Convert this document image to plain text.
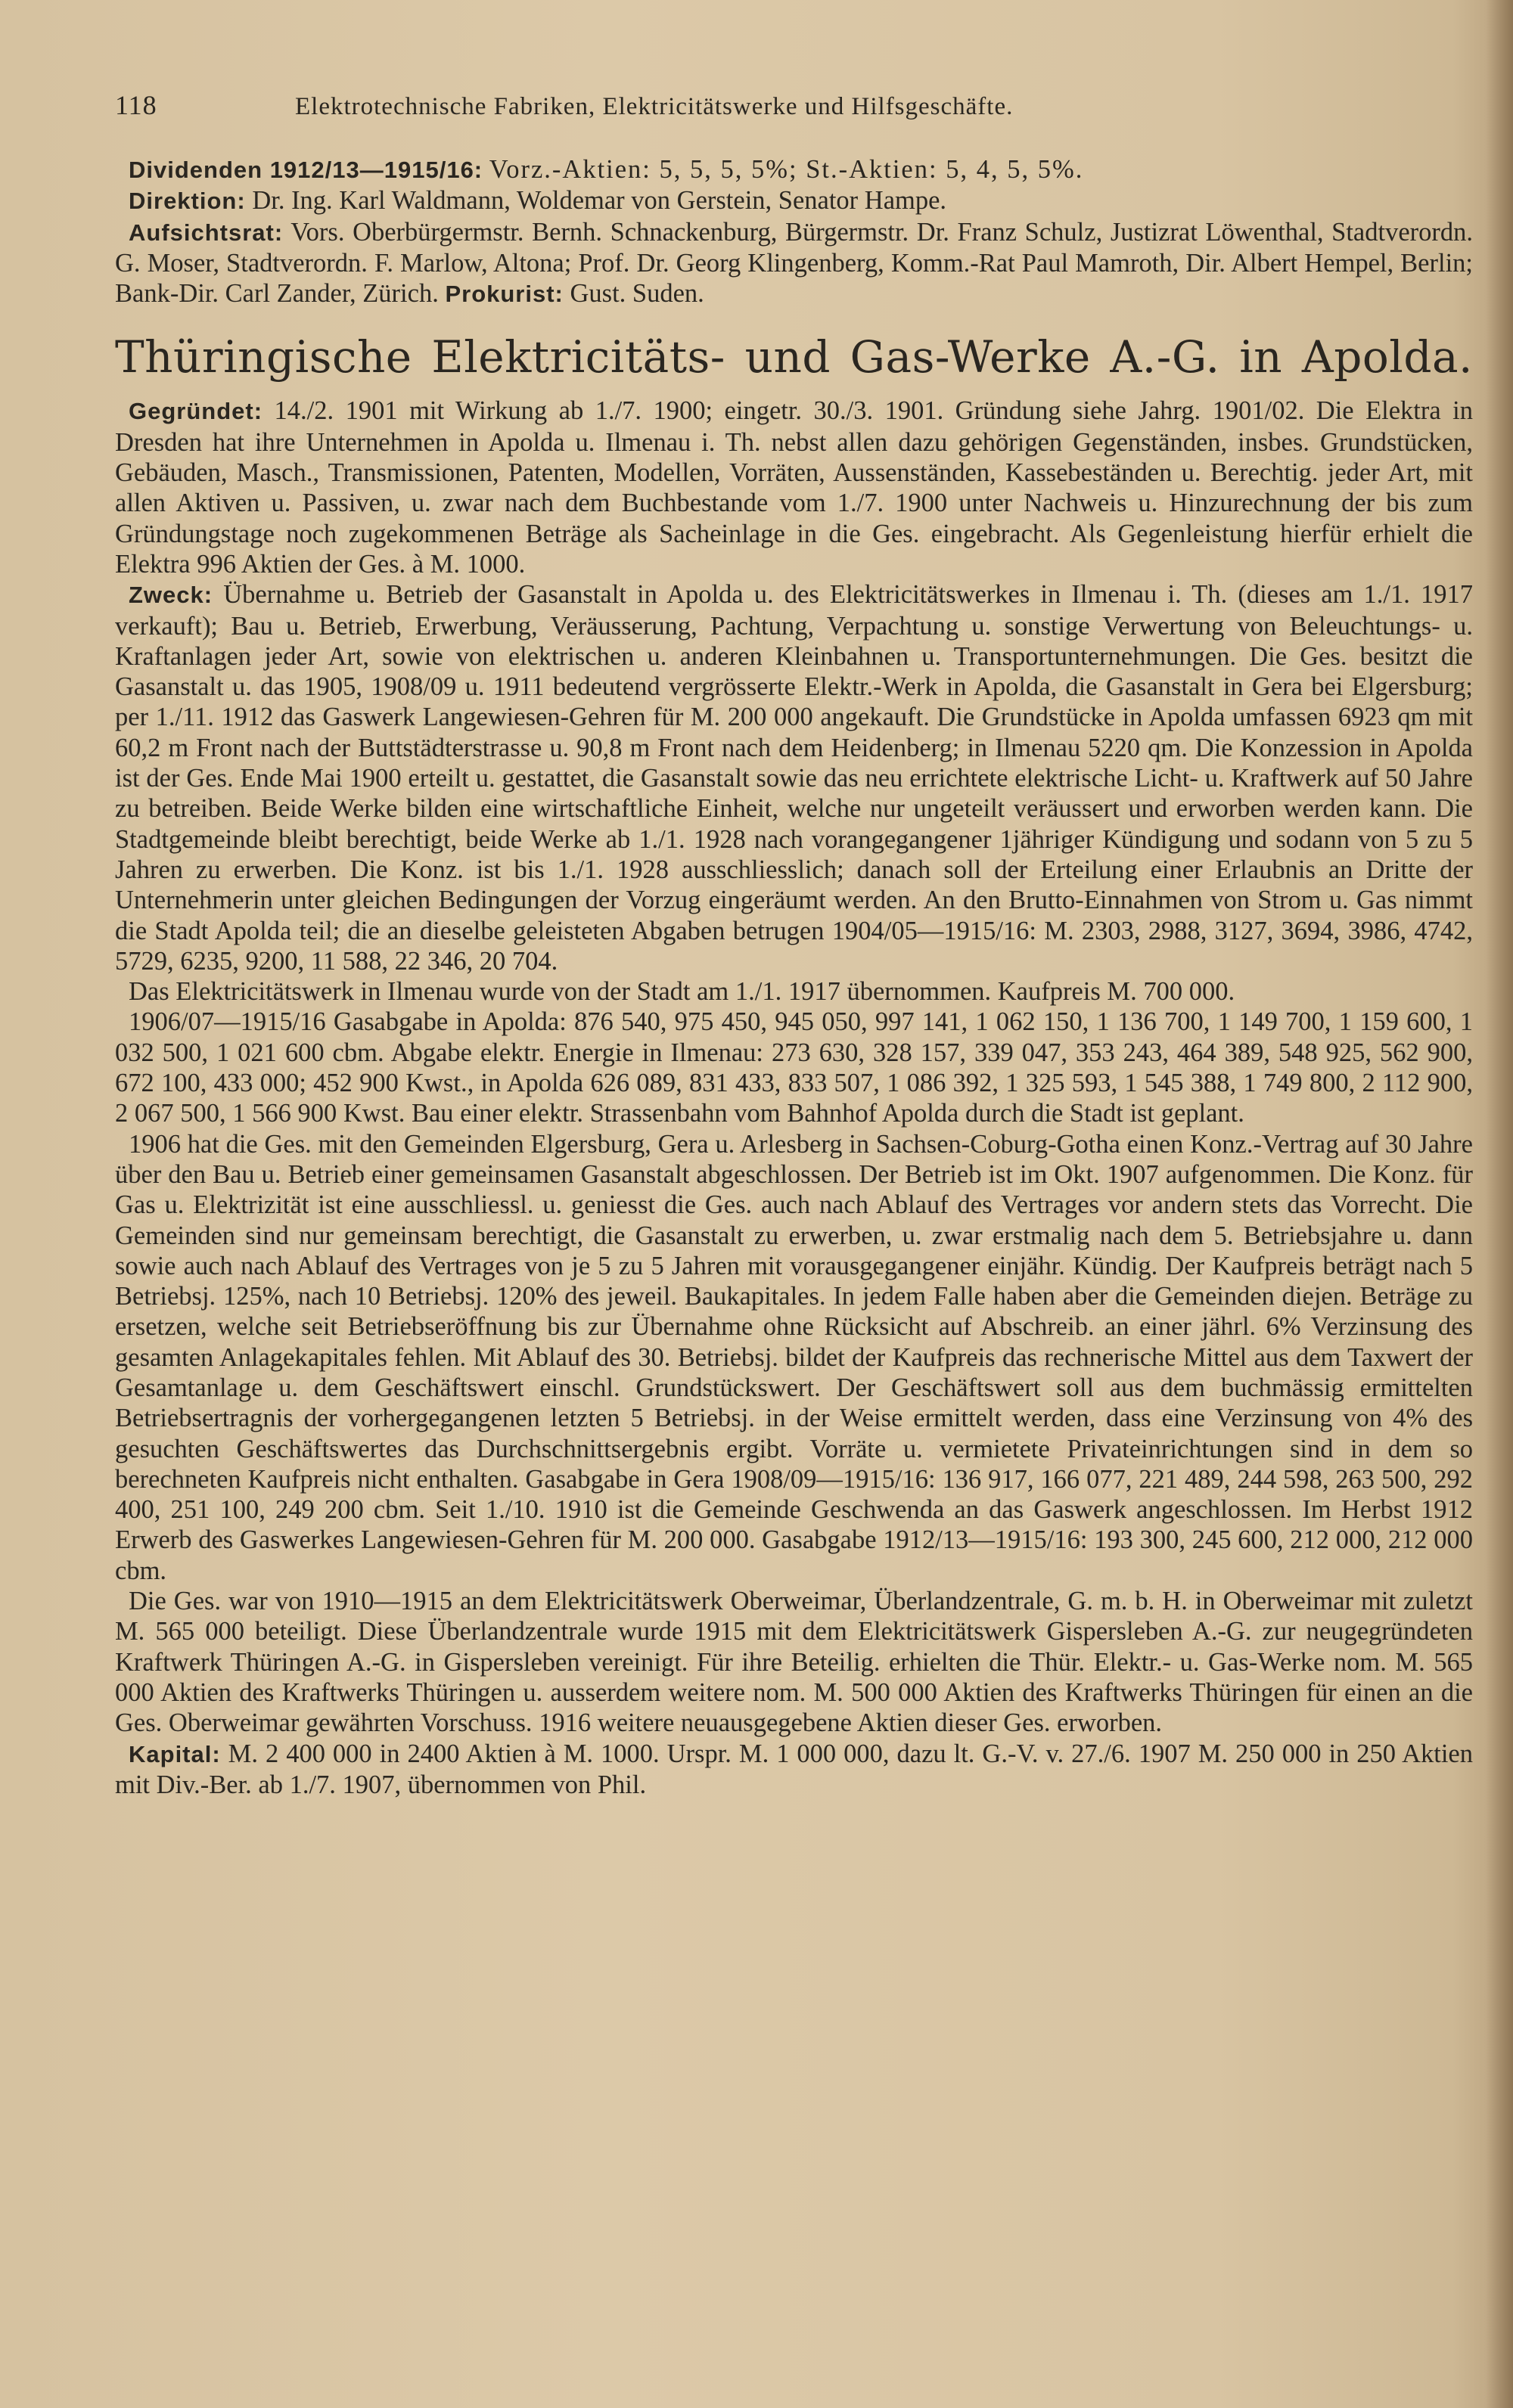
118	Elektrotechnische Fabriken, Elektricitätswerke und Hilfsgeschäfte.

Dividenden 1912/13—1915/16: Vorz.-Aktien: 5, 5, 5, 5%; St.-Aktien: 5, 4, 5, 5%.

Direktion: Dr. Ing. Karl Waldmann, Woldemar von Gerstein, Senator Hampe.

Aufsichtsrat: Vors. Oberbürgermstr. Bernh. Schnackenburg, Bürgermstr. Dr. Franz Schulz, Justizrat Löwenthal, Stadtverordn. G. Moser, Stadtverordn. F. Marlow, Altona; Prof. Dr. Georg Klingenberg, Komm.-Rat Paul Mamroth, Dir. Albert Hempel, Berlin; Bank-Dir. Carl Zander, Zürich. Prokurist: Gust. Suden.

Thüringische Elektricitäts- und Gas-Werke A.-G. in Apolda.

Gegründet: 14./2. 1901 mit Wirkung ab 1./7. 1900; eingetr. 30./3. 1901. Gründung siehe Jahrg. 1901/02. Die Elektra in Dresden hat ihre Unternehmen in Apolda u. Ilmenau i. Th. nebst allen dazu gehörigen Gegenständen, insbes. Grundstücken, Gebäuden, Masch., Transmissionen, Patenten, Modellen, Vorräten, Aussenständen, Kassebeständen u. Berechtig. jeder Art, mit allen Aktiven u. Passiven, u. zwar nach dem Buchbestande vom 1./7. 1900 unter Nachweis u. Hinzurechnung der bis zum Gründungstage noch zugekommenen Beträge als Sacheinlage in die Ges. eingebracht. Als Gegenleistung hierfür erhielt die Elektra 996 Aktien der Ges. à M. 1000.

Zweck: Übernahme u. Betrieb der Gasanstalt in Apolda u. des Elektricitätswerkes in Ilmenau i. Th. (dieses am 1./1. 1917 verkauft); Bau u. Betrieb, Erwerbung, Veräusserung, Pachtung, Verpachtung u. sonstige Verwertung von Beleuchtungs- u. Kraftanlagen jeder Art, sowie von elektrischen u. anderen Kleinbahnen u. Transportunternehmungen. Die Ges. besitzt die Gasanstalt u. das 1905, 1908/09 u. 1911 bedeutend vergrösserte Elektr.-Werk in Apolda, die Gasanstalt in Gera bei Elgersburg; per 1./11. 1912 das Gaswerk Langewiesen-Gehren für M. 200 000 angekauft. Die Grundstücke in Apolda umfassen 6923 qm mit 60,2 m Front nach der Buttstädterstrasse u. 90,8 m Front nach dem Heidenberg; in Ilmenau 5220 qm. Die Konzession in Apolda ist der Ges. Ende Mai 1900 erteilt u. gestattet, die Gasanstalt sowie das neu errichtete elektrische Licht- u. Kraftwerk auf 50 Jahre zu betreiben. Beide Werke bilden eine wirtschaftliche Einheit, welche nur ungeteilt veräussert und erworben werden kann. Die Stadtgemeinde bleibt berechtigt, beide Werke ab 1./1. 1928 nach vorangegangener 1jähriger Kündigung und sodann von 5 zu 5 Jahren zu erwerben. Die Konz. ist bis 1./1. 1928 ausschliesslich; danach soll der Erteilung einer Erlaubnis an Dritte der Unternehmerin unter gleichen Bedingungen der Vorzug eingeräumt werden. An den Brutto-Einnahmen von Strom u. Gas nimmt die Stadt Apolda teil; die an dieselbe geleisteten Abgaben betrugen 1904/05—1915/16: M. 2303, 2988, 3127, 3694, 3986, 4742, 5729, 6235, 9200, 11 588, 22 346, 20 704.

Das Elektricitätswerk in Ilmenau wurde von der Stadt am 1./1. 1917 übernommen. Kaufpreis M. 700 000.

1906/07—1915/16 Gasabgabe in Apolda: 876 540, 975 450, 945 050, 997 141, 1 062 150, 1 136 700, 1 149 700, 1 159 600, 1 032 500, 1 021 600 cbm. Abgabe elektr. Energie in Ilmenau: 273 630, 328 157, 339 047, 353 243, 464 389, 548 925, 562 900, 672 100, 433 000; 452 900 Kwst., in Apolda 626 089, 831 433, 833 507, 1 086 392, 1 325 593, 1 545 388, 1 749 800, 2 112 900, 2 067 500, 1 566 900 Kwst. Bau einer elektr. Strassenbahn vom Bahnhof Apolda durch die Stadt ist geplant.

1906 hat die Ges. mit den Gemeinden Elgersburg, Gera u. Arlesberg in Sachsen-Coburg-Gotha einen Konz.-Vertrag auf 30 Jahre über den Bau u. Betrieb einer gemeinsamen Gasanstalt abgeschlossen. Der Betrieb ist im Okt. 1907 aufgenommen. Die Konz. für Gas u. Elektrizität ist eine ausschliessl. u. geniesst die Ges. auch nach Ablauf des Vertrages vor andern stets das Vorrecht. Die Gemeinden sind nur gemeinsam berechtigt, die Gasanstalt zu erwerben, u. zwar erstmalig nach dem 5. Betriebsjahre u. dann sowie auch nach Ablauf des Vertrages von je 5 zu 5 Jahren mit vorausgegangener einjähr. Kündig. Der Kaufpreis beträgt nach 5 Betriebsj. 125%, nach 10 Betriebsj. 120% des jeweil. Baukapitales. In jedem Falle haben aber die Gemeinden diejen. Beträge zu ersetzen, welche seit Betriebseröffnung bis zur Übernahme ohne Rücksicht auf Abschreib. an einer jährl. 6% Verzinsung des gesamten Anlagekapitales fehlen. Mit Ablauf des 30. Betriebsj. bildet der Kaufpreis das rechnerische Mittel aus dem Taxwert der Gesamtanlage u. dem Geschäftswert einschl. Grundstückswert. Der Geschäftswert soll aus dem buchmässig ermittelten Betriebsertragnis der vorhergegangenen letzten 5 Betriebsj. in der Weise ermittelt werden, dass eine Verzinsung von 4% des gesuchten Geschäftswertes das Durchschnittsergebnis ergibt. Vorräte u. vermietete Privateinrichtungen sind in dem so berechneten Kaufpreis nicht enthalten. Gasabgabe in Gera 1908/09—1915/16: 136 917, 166 077, 221 489, 244 598, 263 500, 292 400, 251 100, 249 200 cbm. Seit 1./10. 1910 ist die Gemeinde Geschwenda an das Gaswerk angeschlossen. Im Herbst 1912 Erwerb des Gaswerkes Langewiesen-Gehren für M. 200 000. Gasabgabe 1912/13—1915/16: 193 300, 245 600, 212 000, 212 000 cbm.

Die Ges. war von 1910—1915 an dem Elektricitätswerk Oberweimar, Überlandzentrale, G. m. b. H. in Oberweimar mit zuletzt M. 565 000 beteiligt. Diese Überlandzentrale wurde 1915 mit dem Elektricitätswerk Gispersleben A.-G. zur neugegründeten Kraftwerk Thüringen A.-G. in Gispersleben vereinigt. Für ihre Beteilig. erhielten die Thür. Elektr.- u. Gas-Werke nom. M. 565 000 Aktien des Kraftwerks Thüringen u. ausserdem weitere nom. M. 500 000 Aktien des Kraftwerks Thüringen für einen an die Ges. Oberweimar gewährten Vorschuss. 1916 weitere neuausgegebene Aktien dieser Ges. erworben.

Kapital: M. 2 400 000 in 2400 Aktien à M. 1000. Urspr. M. 1 000 000, dazu lt. G.-V. v. 27./6. 1907 M. 250 000 in 250 Aktien mit Div.-Ber. ab 1./7. 1907, übernommen von Phil.
